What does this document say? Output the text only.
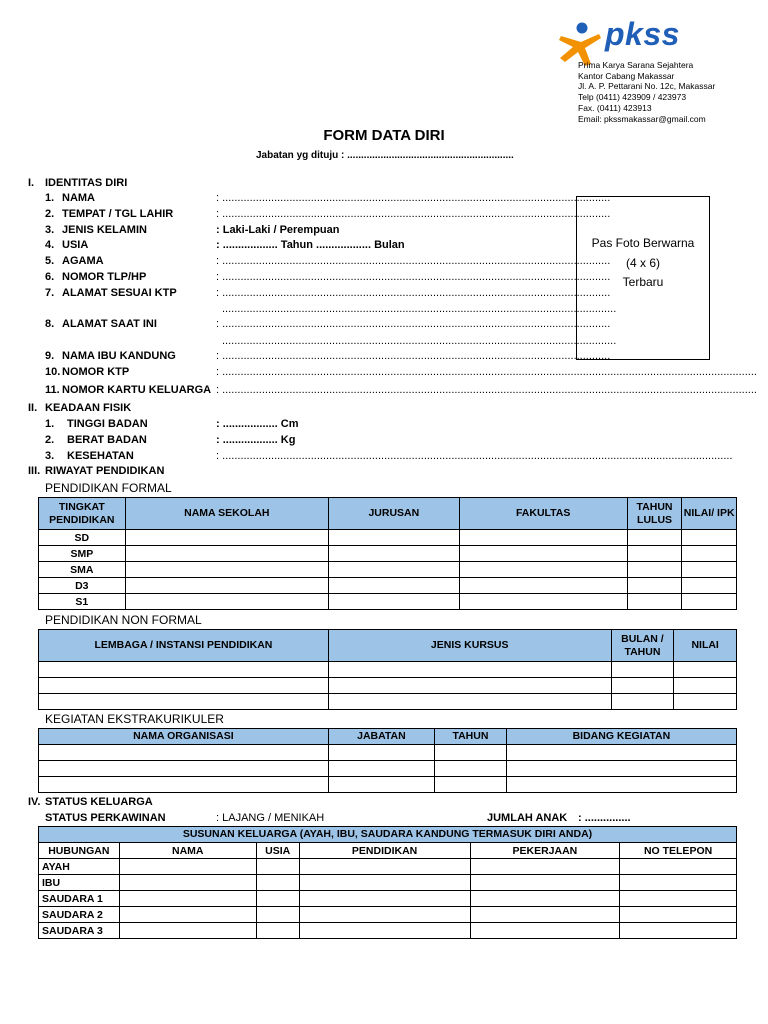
pkss
Prima Karya Sarana Sejahtera
Kantor Cabang Makassar
Jl. A. P. Pettarani No. 12c, Makassar
Telp (0411) 423909 / 423973
Fax. (0411) 423913
Email: pkssmakassar@gmail.com
FORM DATA DIRI
Jabatan yg dituju : ............................................................
Pas Foto Berwarna
(4 x 6)
Terbaru
I. IDENTITAS DIRI
1. NAMA	: ...............................................................................................................................
2. TEMPAT / TGL LAHIR	: ...............................................................................................................................
3. JENIS KELAMIN	: Laki-Laki / Perempuan
4. USIA	: .................. Tahun .................. Bulan
5. AGAMA	: ...............................................................................................................................
6. NOMOR TLP/HP	: ...............................................................................................................................
7. ALAMAT SESUAI KTP	: ...............................................................................................................................
.................................................................................................................................
8. ALAMAT SAAT INI	: ...............................................................................................................................
.................................................................................................................................
9. NAMA IBU KANDUNG	: ...............................................................................................................................
10. NOMOR KTP	: ...............................................................................................................................................................................
11. NOMOR KARTU KELUARGA : ...............................................................................................................................................................................
II. KEADAAN FISIK
1. TINGGI BADAN	: .................. Cm
2. BERAT BADAN	: .................. Kg
3. KESEHATAN	: .......................................................................................................................................................................
III. RIWAYAT PENDIDIKAN
PENDIDIKAN FORMAL
TINGKAT PENDIDIKAN	NAMA SEKOLAH	JURUSAN	FAKULTAS	TAHUN LULUS	NILAI/ IPK
SD					
SMP					
SMA					
D3					
S1					
PENDIDIKAN NON FORMAL
LEMBAGA / INSTANSI PENDIDIKAN	JENIS KURSUS	BULAN / TAHUN	NILAI

KEGIATAN EKSTRAKURIKULER
NAMA ORGANISASI	JABATAN	TAHUN	BIDANG KEGIATAN

IV. STATUS KELUARGA
STATUS PERKAWINAN	: LAJANG / MENIKAH	JUMLAH ANAK : ...............
SUSUNAN KELUARGA (AYAH, IBU, SAUDARA KANDUNG TERMASUK DIRI ANDA)					
HUBUNGAN	NAMA	USIA	PENDIDIKAN	PEKERJAAN	NO TELEPON
AYAH					
IBU					
SAUDARA 1					
SAUDARA 2					
SAUDARA 3					
